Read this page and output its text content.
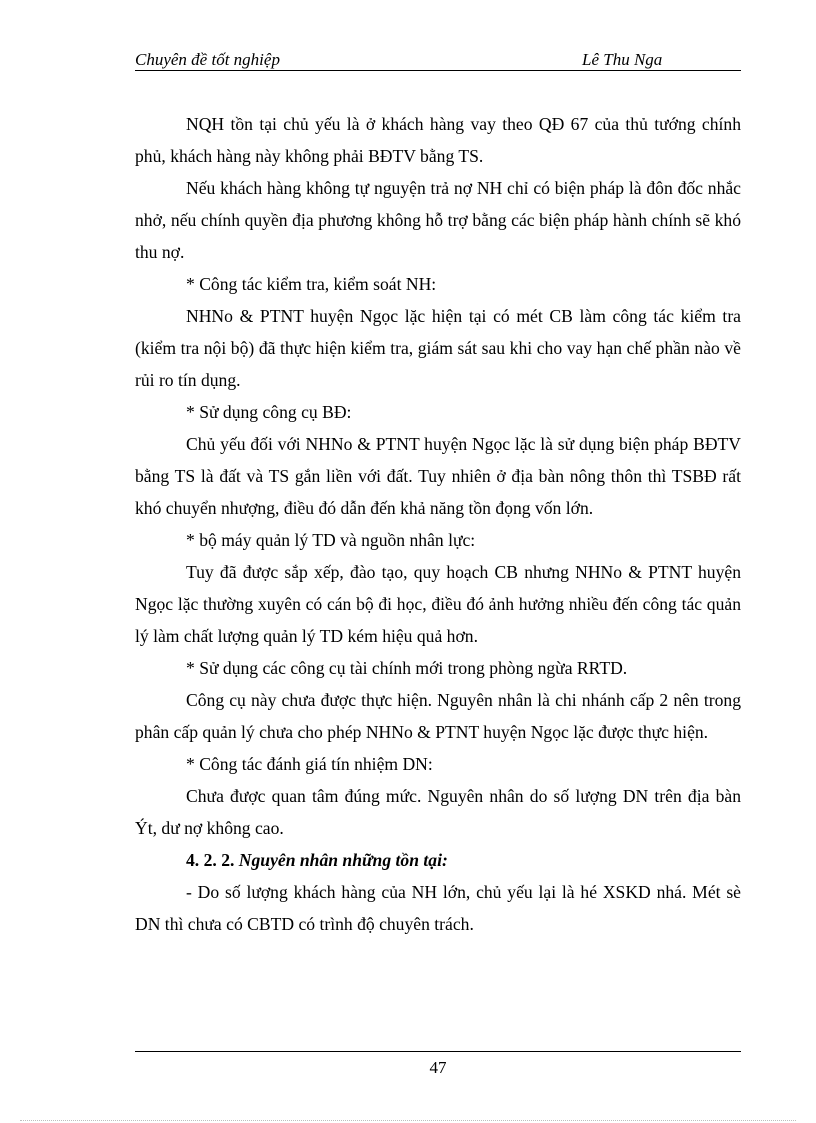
Chuyên đề tốt nghiệp	Lê Thu Nga

NQH tồn tại chủ yếu là ở khách hàng vay theo QĐ 67 của thủ tướng chính phủ, khách hàng này không phải BĐTV bằng TS.

Nếu khách hàng không tự nguyện trả nợ NH chỉ có biện pháp là đôn đốc nhắc nhở, nếu chính quyền địa phương không hỗ trợ bằng các biện pháp hành chính sẽ khó thu nợ.

* Công tác kiểm tra, kiểm soát NH:

NHNo & PTNT huyện Ngọc lặc hiện tại có mét CB làm công tác kiểm tra (kiểm tra nội bộ) đã thực hiện kiểm tra, giám sát sau khi cho vay hạn chế phần nào về rủi ro tín dụng.

* Sử dụng công cụ BĐ:

Chủ yếu đối với NHNo & PTNT huyện Ngọc lặc là sử dụng biện pháp BĐTV bằng TS là đất và TS gắn liền với đất. Tuy nhiên ở địa bàn nông thôn thì TSBĐ rất khó chuyển nhượng, điều đó dẫn đến khả năng tồn đọng vốn lớn.

* bộ máy quản lý TD và nguồn nhân lực:

Tuy đã được sắp xếp, đào tạo, quy hoạch CB nhưng NHNo & PTNT huyện Ngọc lặc thường xuyên có cán bộ đi học, điều đó ảnh hưởng nhiều đến công tác quản lý làm chất lượng quản lý TD kém hiệu quả hơn.

* Sử dụng các công cụ tài chính mới trong phòng ngừa RRTD.

Công cụ này chưa được thực hiện. Nguyên nhân là chi nhánh cấp 2 nên trong phân cấp quản lý chưa cho phép NHNo & PTNT huyện Ngọc lặc được thực hiện.

* Công tác đánh giá tín nhiệm DN:

Chưa được quan tâm đúng mức. Nguyên nhân do số lượng DN trên địa bàn Ýt, dư nợ không cao.

4. 2. 2. Nguyên nhân những tồn tại:

- Do số lượng khách hàng của NH lớn, chủ yếu lại là hé XSKD nhá. Mét sè DN thì chưa có CBTD có trình độ chuyên trách.

47
